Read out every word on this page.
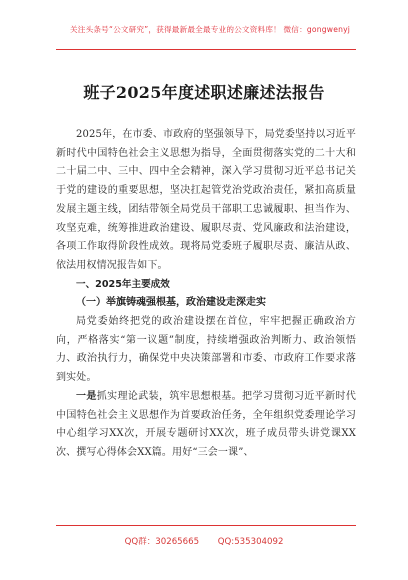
关注头条号“公文研究”，获得最新最全最专业的公文资料库！ 微信：gongwenyj
班子2025年度述职述廉述法报告

2025年，在市委、市政府的坚强领导下，局党委坚持以习近平新时代中国特色社会主义思想为指导，全面贯彻落实党的二十大和二十届二中、三中、四中全会精神，深入学习贯彻习近平总书记关于党的建设的重要思想，坚决扛起管党治党政治责任，紧扣高质量发展主题主线，团结带领全局党员干部职工忠诚履职、担当作为、攻坚克难，统筹推进政治建设、履职尽责、党风廉政和法治建设，各项工作取得阶段性成效。现将局党委班子履职尽责、廉洁从政、依法用权情况报告如下。

一、2025年主要成效

（一）举旗铸魂强根基，政治建设走深走实

局党委始终把党的政治建设摆在首位，牢牢把握正确政治方向，严格落实“第一议题”制度，持续增强政治判断力、政治领悟力、政治执行力，确保党中央决策部署和市委、市政府工作要求落到实处。

一是抓实理论武装，筑牢思想根基。把学习贯彻习近平新时代中国特色社会主义思想作为首要政治任务，全年组织党委理论学习中心组学习XX次，开展专题研讨XX次，班子成员带头讲党课XX次、撰写心得体会XX篇。用好“三会一课”、

QQ群：30265665 QQ:535304092
